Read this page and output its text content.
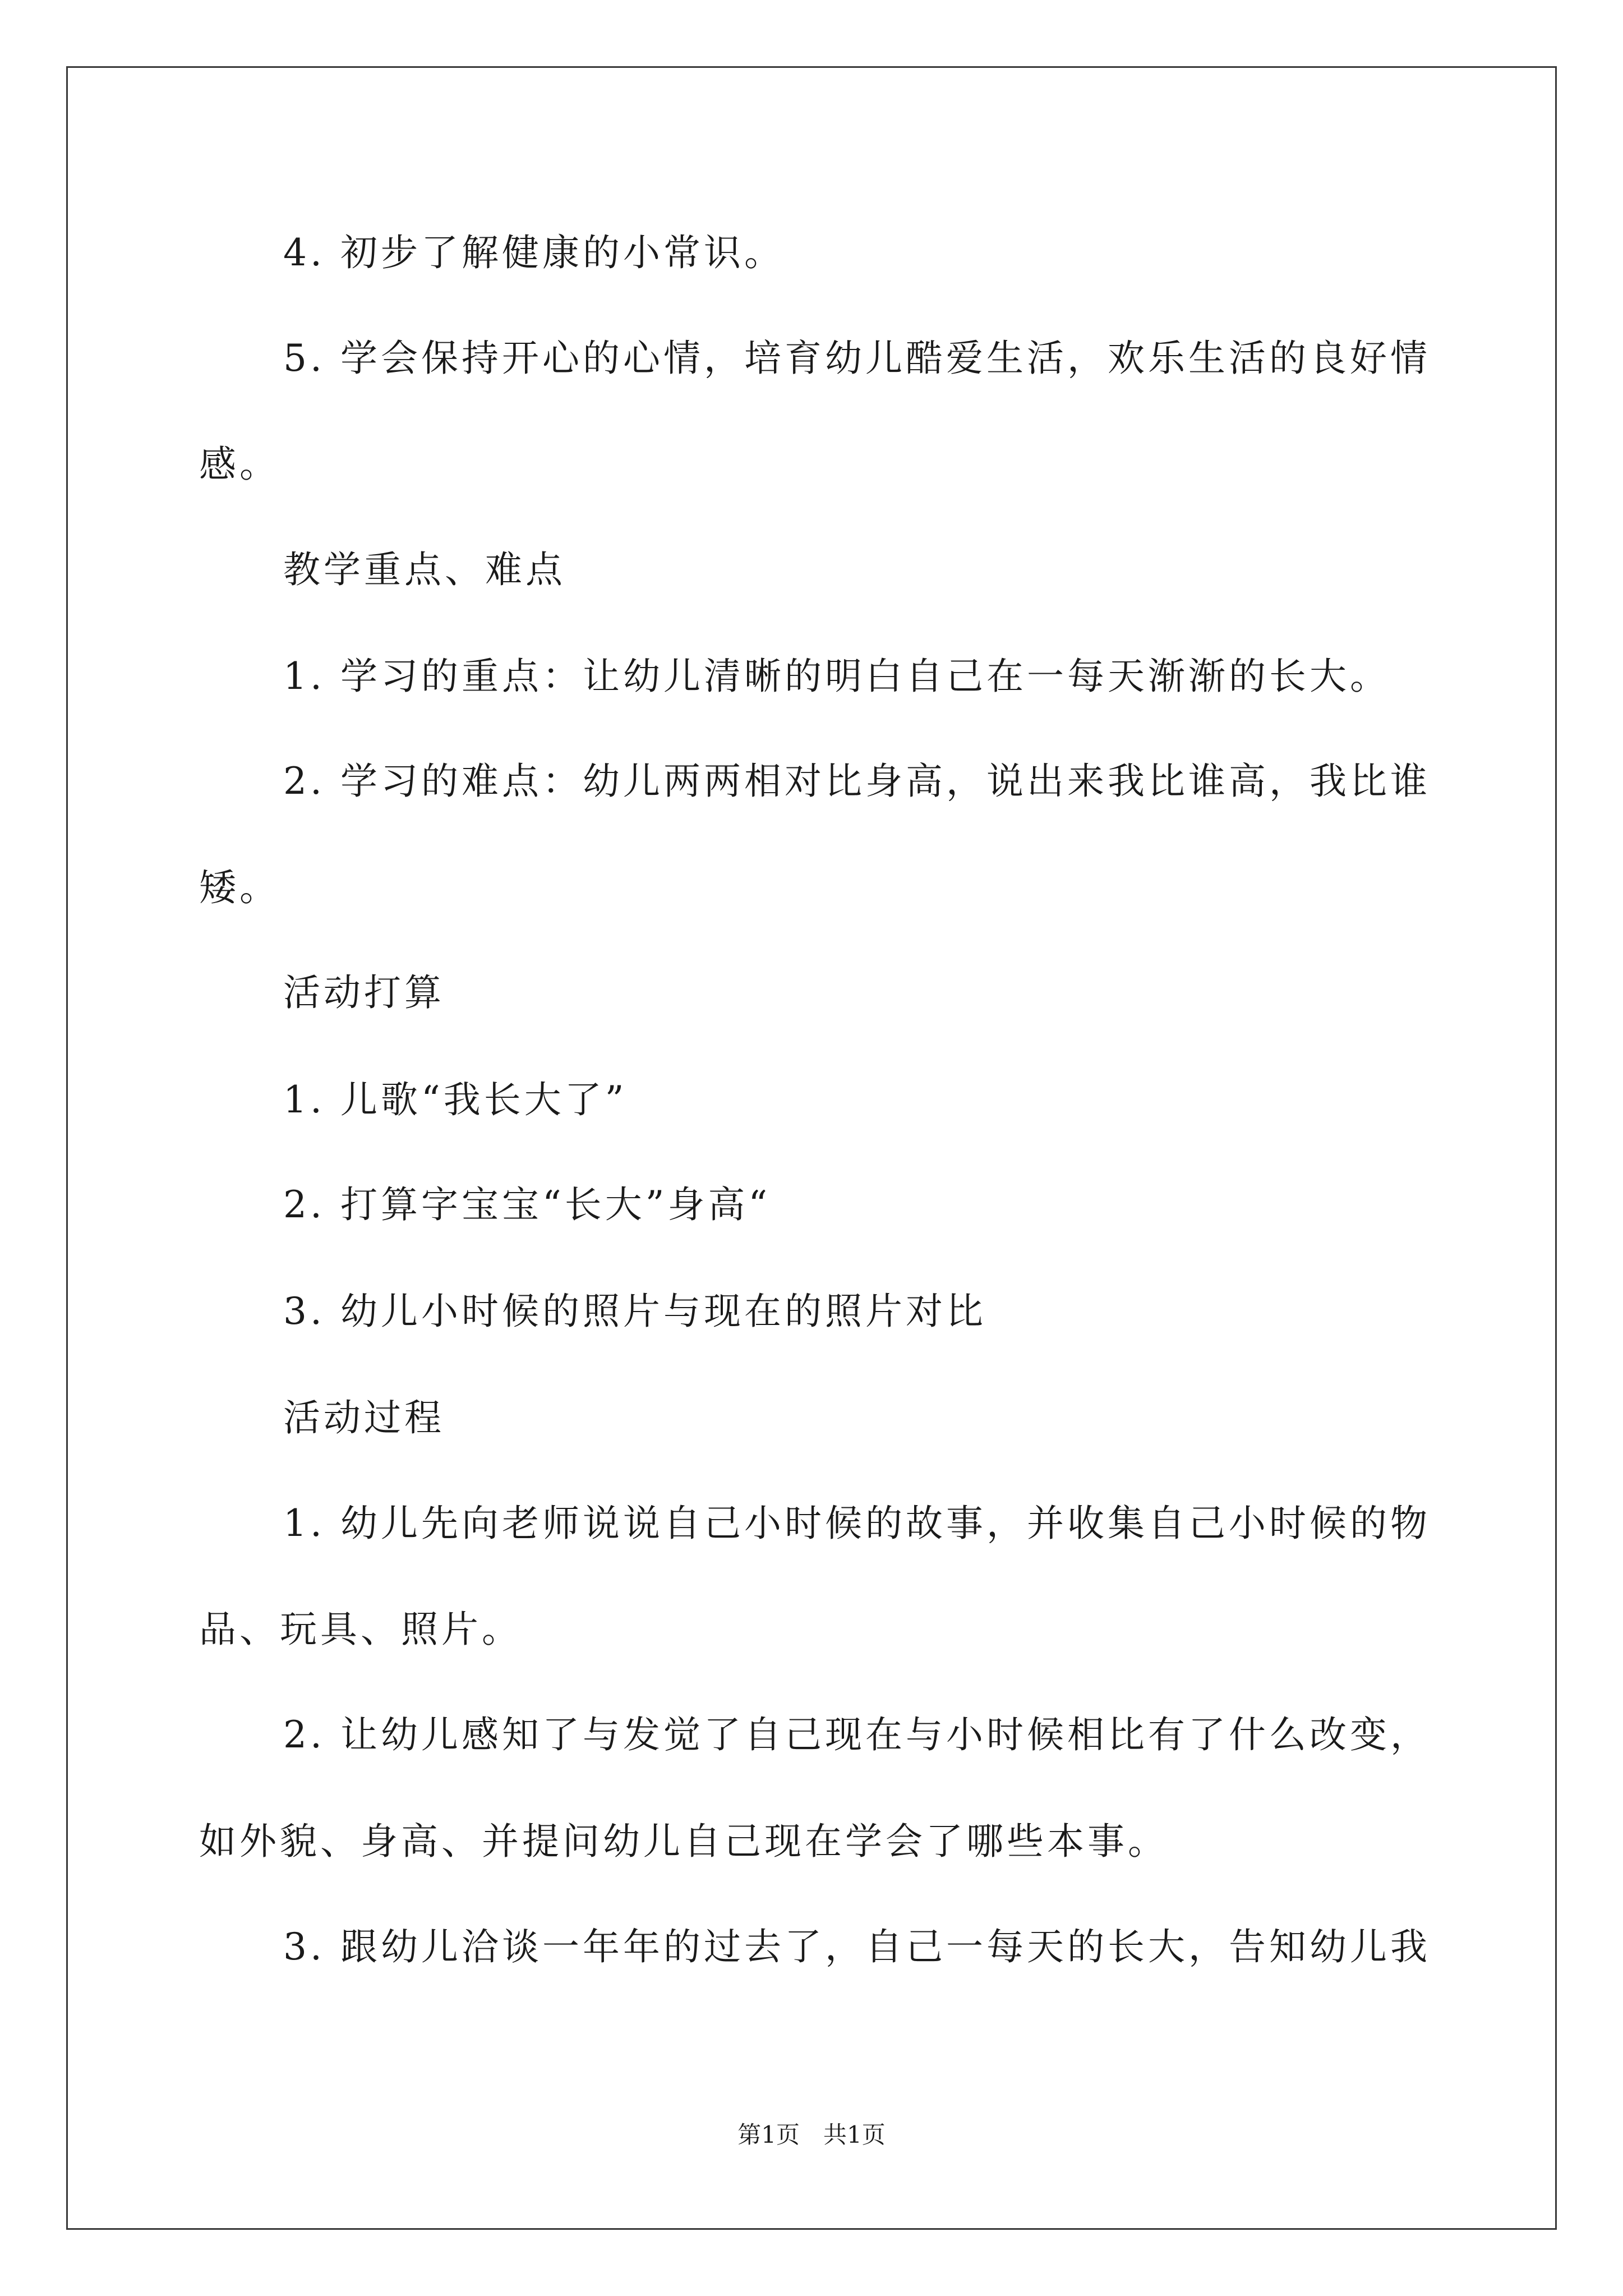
4. 初步了解健康的小常识。

5. 学会保持开心的心情，培育幼儿酷爱生活，欢乐生活的良好情

感。

教学重点、难点

1. 学习的重点：让幼儿清晰的明白自己在一每天渐渐的长大。

2. 学习的难点：幼儿两两相对比身高，说出来我比谁高，我比谁

矮。

活动打算

1. 儿歌“我长大了”

2. 打算字宝宝“长大”身高“

3. 幼儿小时候的照片与现在的照片对比

活动过程

1. 幼儿先向老师说说自己小时候的故事，并收集自己小时候的物

品、玩具、照片。

2. 让幼儿感知了与发觉了自己现在与小时候相比有了什么改变，

如外貌、身高、并提问幼儿自己现在学会了哪些本事。

3. 跟幼儿洽谈一年年的过去了，自己一每天的长大，告知幼儿我

第1页　共1页
